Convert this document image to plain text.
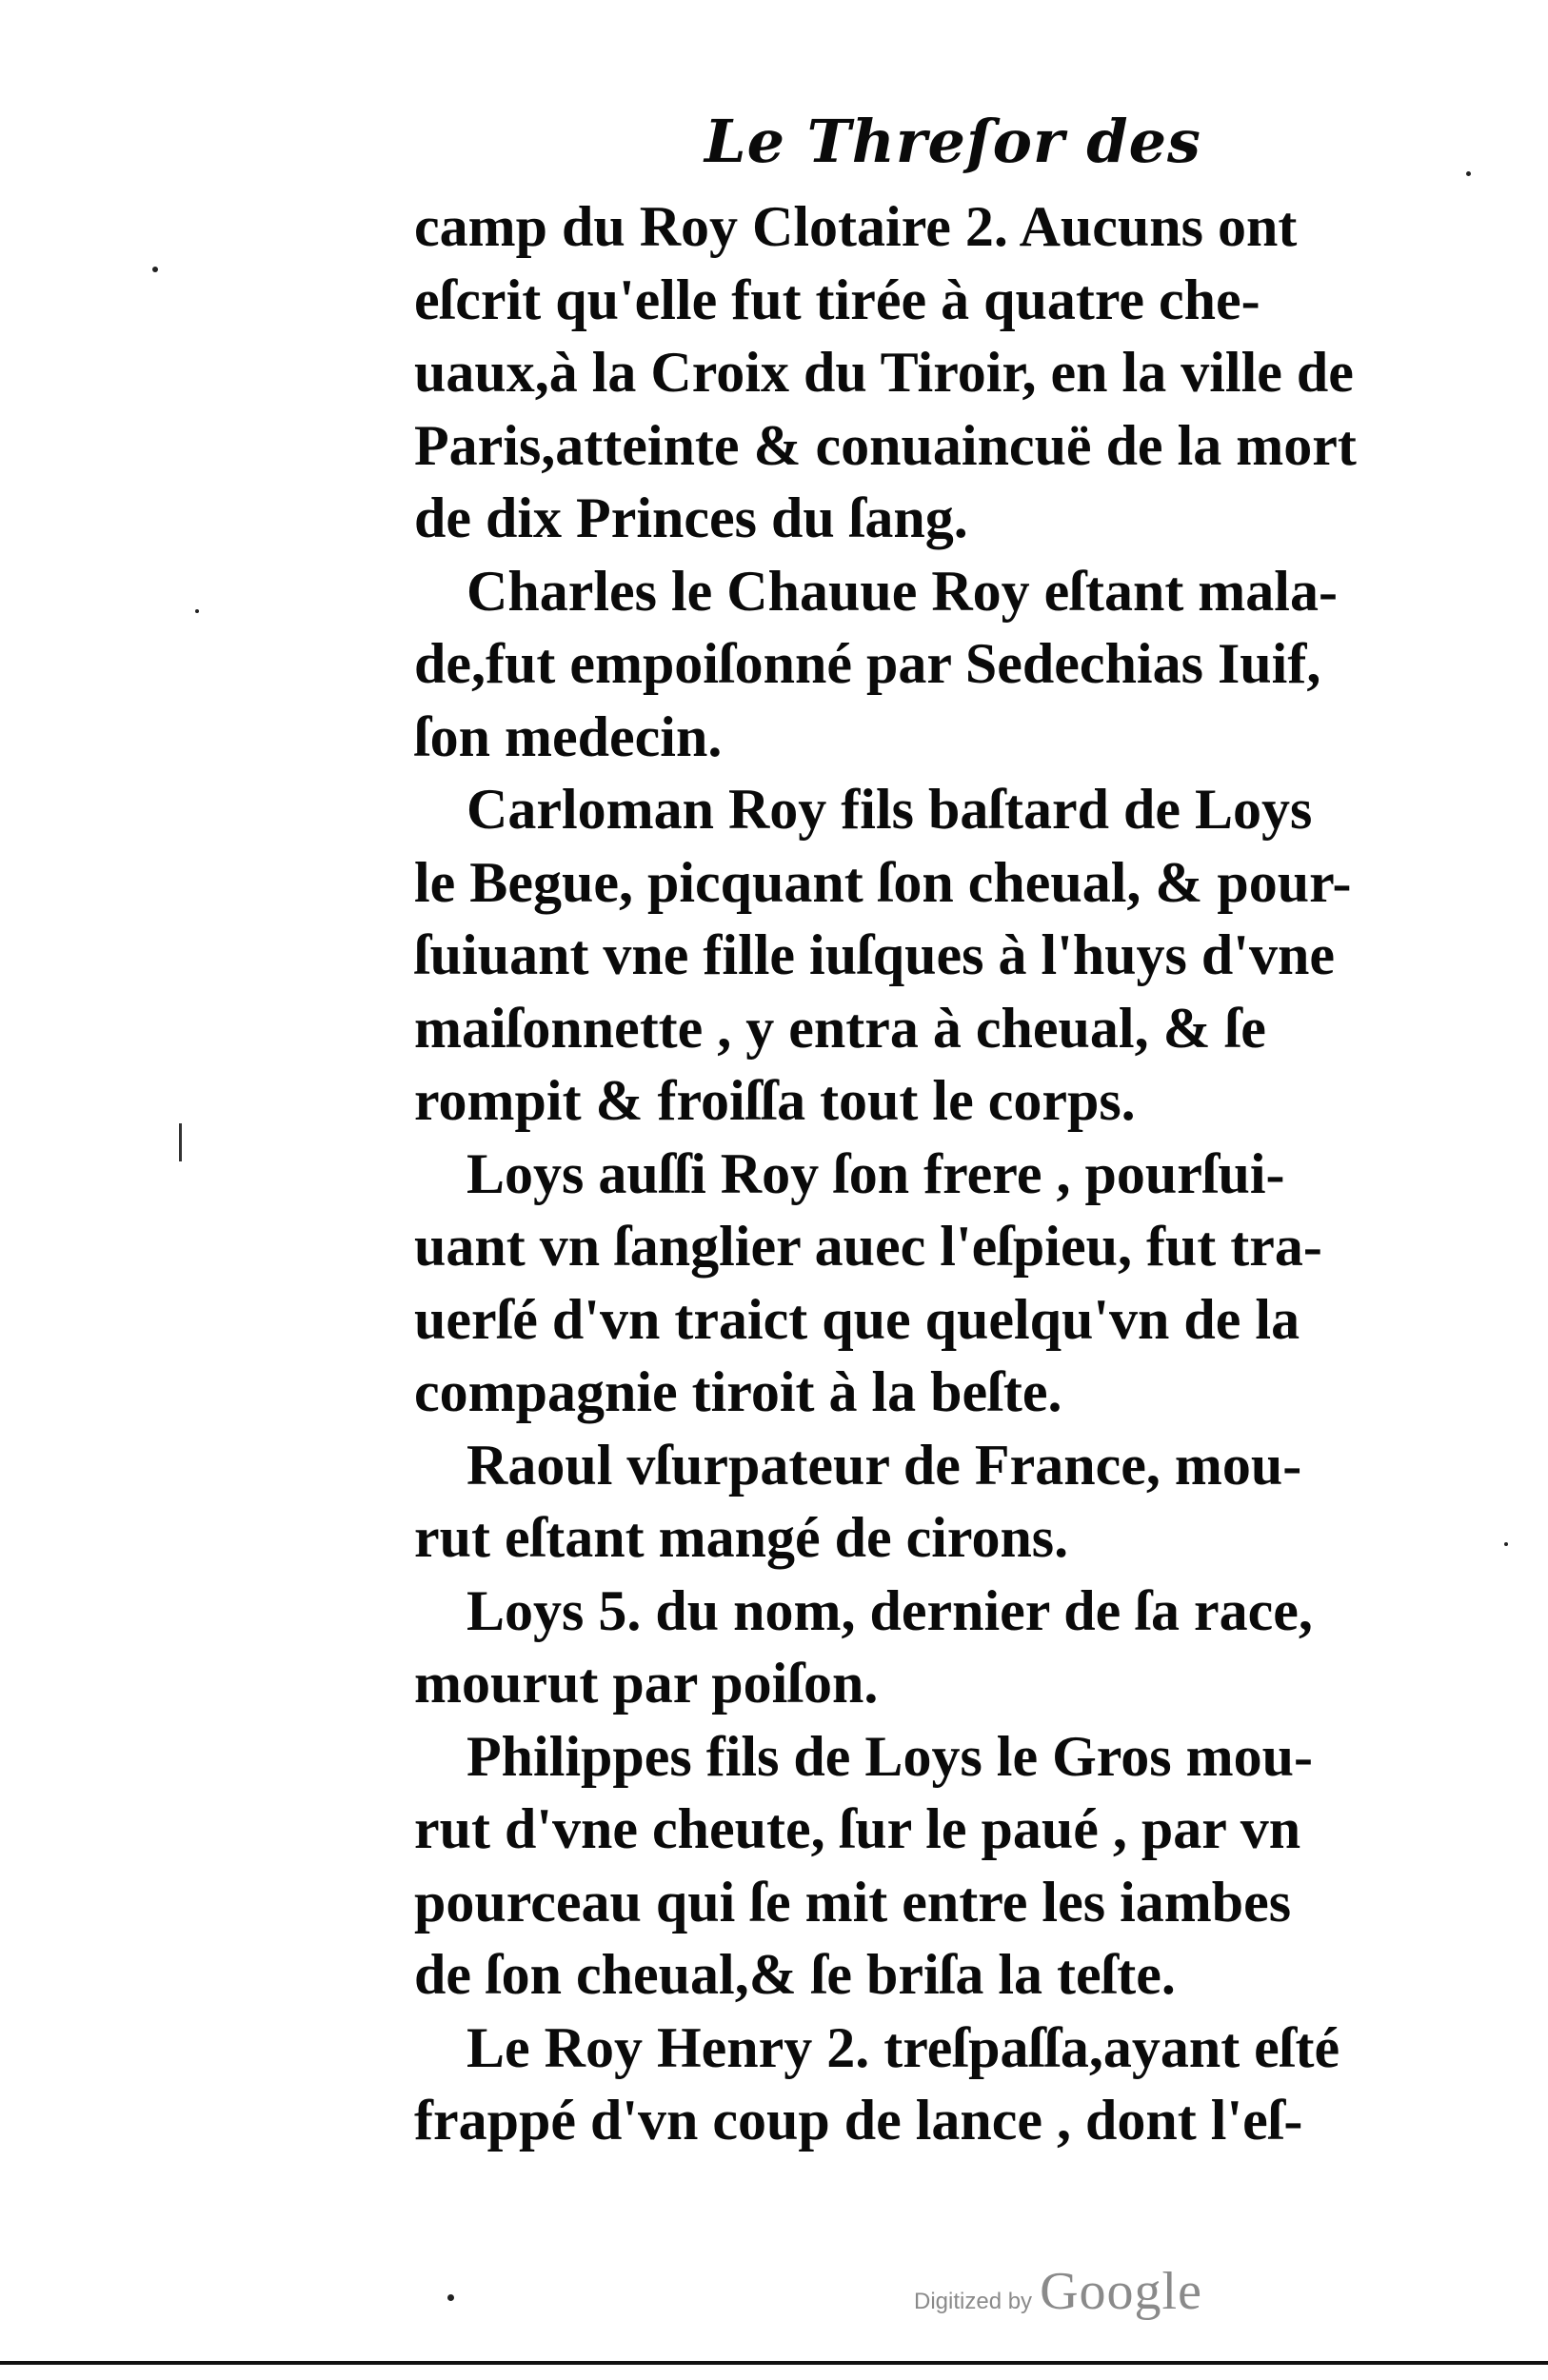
Le Threſor des
camp du Roy Clotaire 2. Aucuns ont
eſcrit qu'elle fut tirée à quatre che-
uaux,à la Croix du Tiroir, en la ville de
Paris,atteinte & conuaincuë de la mort
de dix Princes du ſang.
Charles le Chauue Roy eſtant mala-
de,fut empoiſonné par Sedechias Iuif,
ſon medecin.
Carloman Roy fils baſtard de Loys
le Begue, picquant ſon cheual, & pour-
ſuiuant vne fille iuſques à l'huys d'vne
maiſonnette , y entra à cheual, & ſe
rompit & froiſſa tout le corps.
Loys auſſi Roy ſon frere , pourſui-
uant vn ſanglier auec l'eſpieu, fut tra-
uerſé d'vn traict que quelqu'vn de la
compagnie tiroit à la beſte.
Raoul vſurpateur de France, mou-
rut eſtant mangé de cirons.
Loys 5. du nom, dernier de ſa race,
mourut par poiſon.
Philippes fils de Loys le Gros mou-
rut d'vne cheute, ſur le paué , par vn
pourceau qui ſe mit entre les iambes
de ſon cheual,& ſe briſa la teſte.
Le Roy Henry 2. treſpaſſa,ayant eſté
frappé d'vn coup de lance , dont l'eſ-
Digitized by Google
